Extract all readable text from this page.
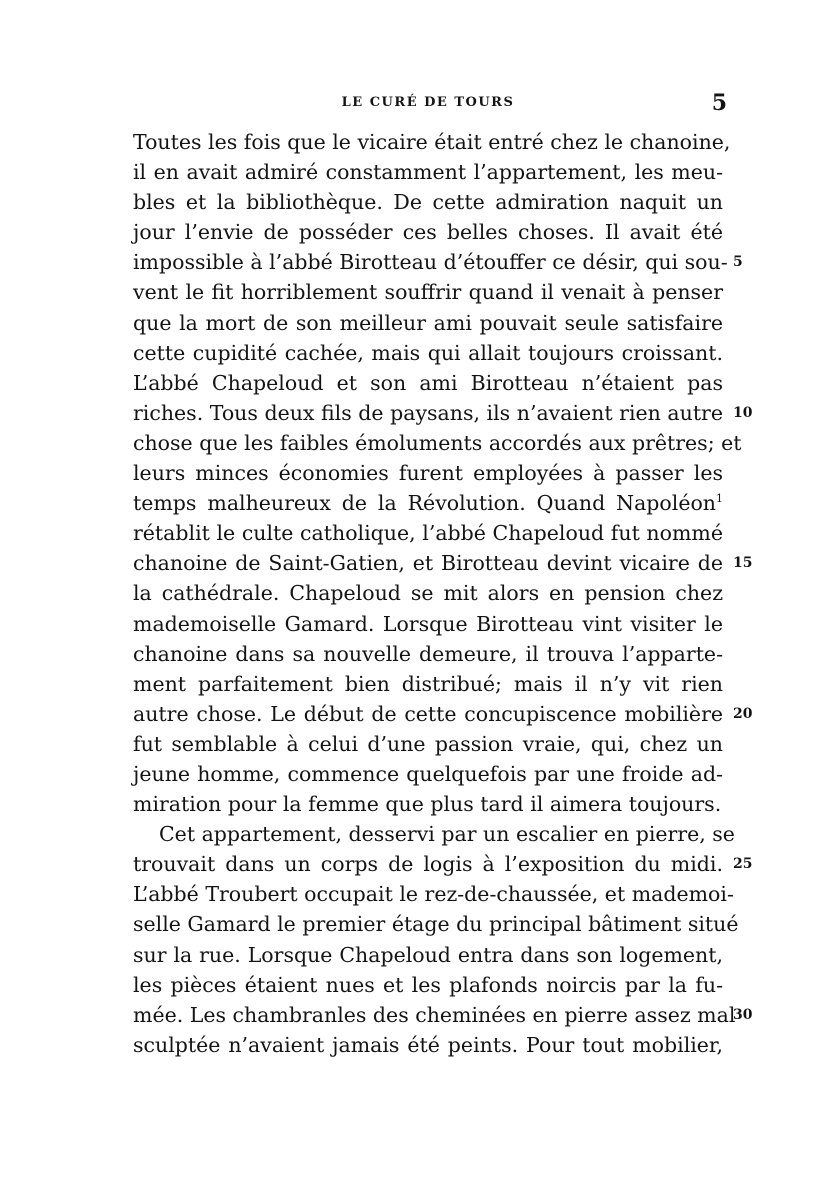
LE CURÉ DE TOURS	5
Toutes les fois que le vicaire était entré chez le chanoine,
il en avait admiré constamment l’appartement, les meu-
bles et la bibliothèque. De cette admiration naquit un
jour l’envie de posséder ces belles choses. Il avait été
impossible à l’abbé Birotteau d’étouffer ce désir, qui sou- 5
vent le fit horriblement souffrir quand il venait à penser
que la mort de son meilleur ami pouvait seule satisfaire
cette cupidité cachée, mais qui allait toujours croissant.
L’abbé Chapeloud et son ami Birotteau n’étaient pas
riches. Tous deux fils de paysans, ils n’avaient rien autre 10
chose que les faibles émoluments accordés aux prêtres; et
leurs minces économies furent employées à passer les
temps malheureux de la Révolution. Quand Napoléon$^1$
rétablit le culte catholique, l’abbé Chapeloud fut nommé
chanoine de Saint-Gatien, et Birotteau devint vicaire de 15
la cathédrale. Chapeloud se mit alors en pension chez
mademoiselle Gamard. Lorsque Birotteau vint visiter le
chanoine dans sa nouvelle demeure, il trouva l’apparte-
ment parfaitement bien distribué; mais il n’y vit rien
autre chose. Le début de cette concupiscence mobilière 20
fut semblable à celui d’une passion vraie, qui, chez un
jeune homme, commence quelquefois par une froide ad-
miration pour la femme que plus tard il aimera toujours.
Cet appartement, desservi par un escalier en pierre, se
trouvait dans un corps de logis à l’exposition du midi. 25
L’abbé Troubert occupait le rez-de-chaussée, et mademoi-
selle Gamard le premier étage du principal bâtiment situé
sur la rue. Lorsque Chapeloud entra dans son logement,
les pièces étaient nues et les plafonds noircis par la fu-
mée. Les chambranles des cheminées en pierre assez mal
30
sculptée n’avaient jamais été peints. Pour tout mobilier,
